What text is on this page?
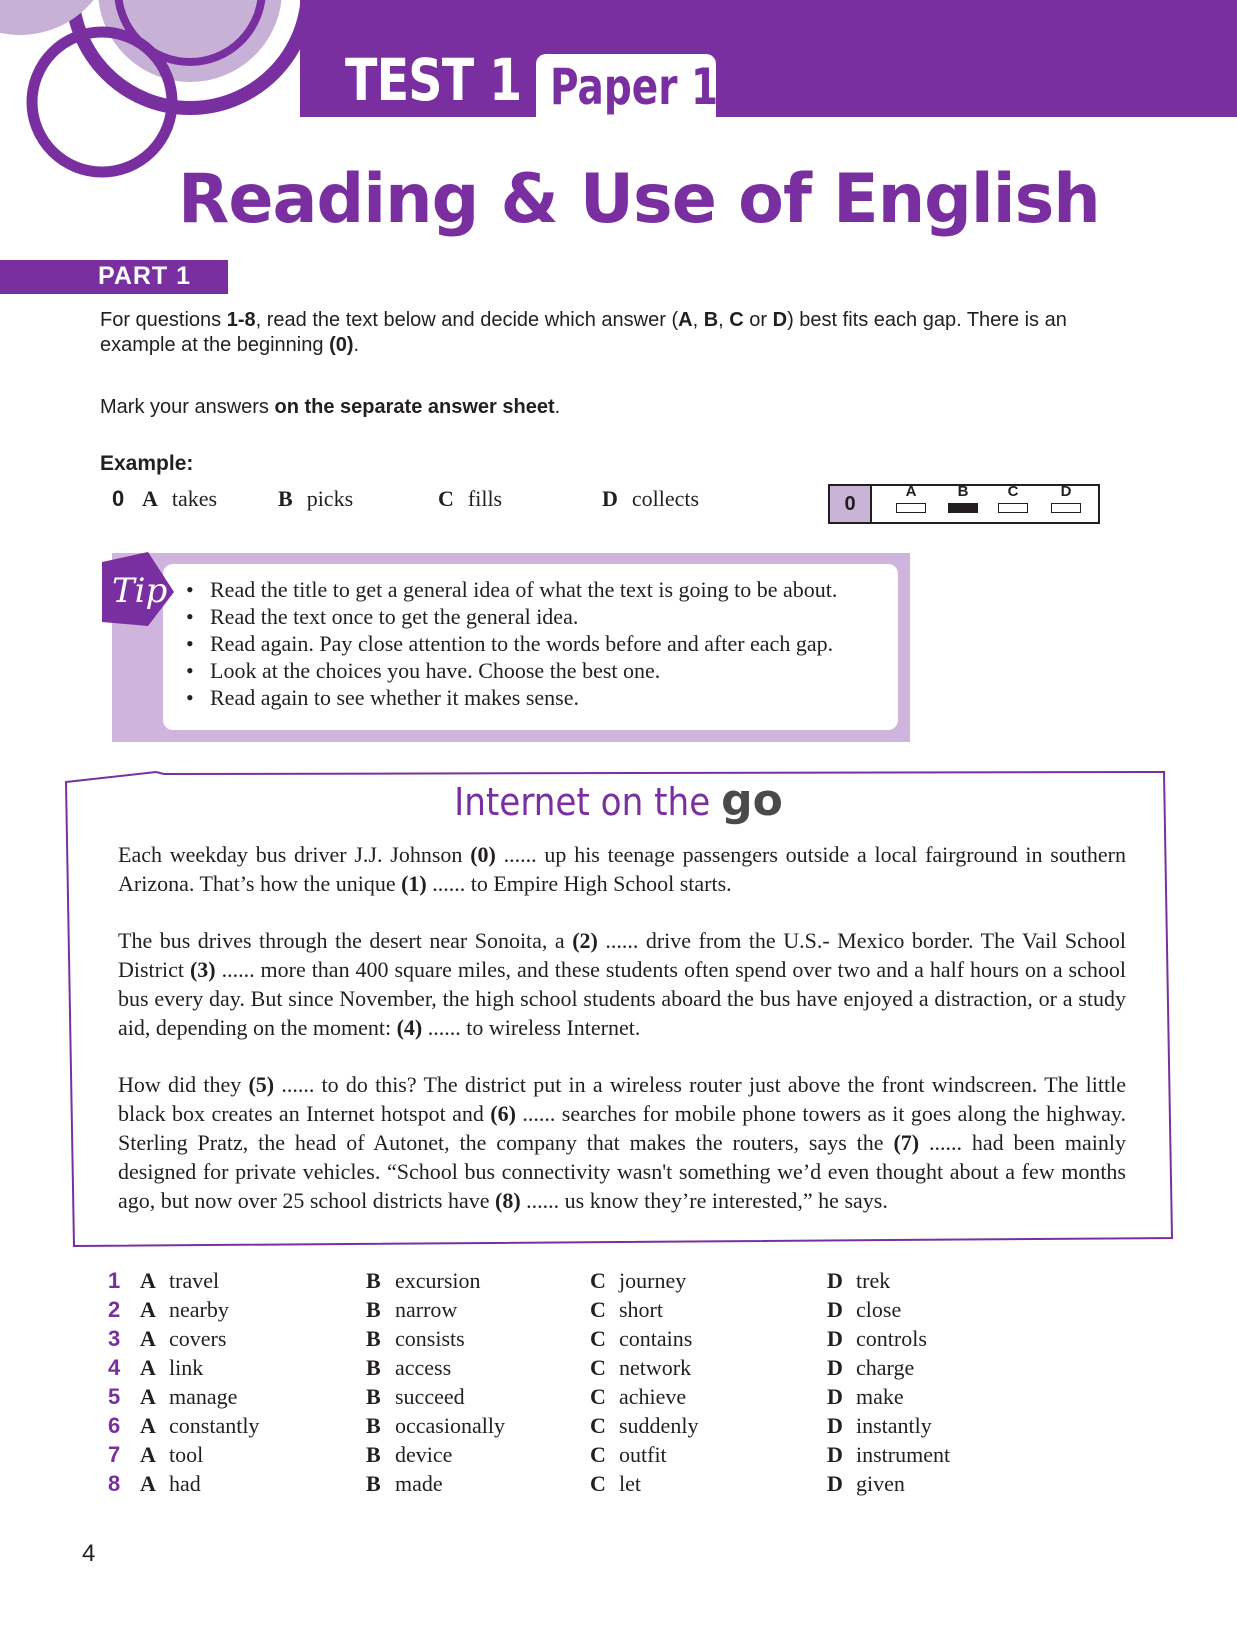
TEST 1 Paper 1
Reading & Use of English
PART 1
For questions 1-8, read the text below and decide which answer (A, B, C or D) best fits each gap. There is an example at the beginning (0).
Mark your answers on the separate answer sheet.
Example:
0 A takes	B picks	C fills	D collects	0
A	B	C	D
Tip
•	Read the title to get a general idea of what the text is going to be about.
• Read the text once to get the general idea.
• Read again. Pay close attention to the words before and after each gap.
• Look at the choices you have. Choose the best one.
• Read again to see whether it makes sense.
Internet on the go
Each weekday bus driver J.J. Johnson (0) ...... up his teenage passengers outside a local fairground in southern Arizona. That’s how the unique (1) ...... to Empire High School starts.
The bus drives through the desert near Sonoita, a (2) ...... drive from the U.S.- Mexico border. The Vail School District (3) ...... more than 400 square miles, and these students often spend over two and a half hours on a school bus every day. But since November, the high school students aboard the bus have enjoyed a distraction, or a study aid, depending on the moment: (4) ...... to wireless Internet.
How did they (5) ...... to do this? The district put in a wireless router just above the front windscreen. The little black box creates an Internet hotspot and (6) ...... searches for mobile phone towers as it goes along the highway. Sterling Pratz, the head of Autonet, the company that makes the routers, says the (7) ...... had been mainly designed for private vehicles. “School bus connectivity wasn't something we’d even thought about a few months ago, but now over 25 school districts have (8) ...... us know they’re interested,” he says.
1 A travel	B excursion	C journey	D trek
2 A nearby	B narrow	C short	D close
3 A covers	B consists	C contains	D controls
4 A link	B access	C network	D charge
5 A manage	B succeed	C achieve	D make
6 A constantly	B occasionally	C suddenly	D instantly
7 A tool	B device	C outfit	D instrument
8 A had	B made	C let	D given
4
